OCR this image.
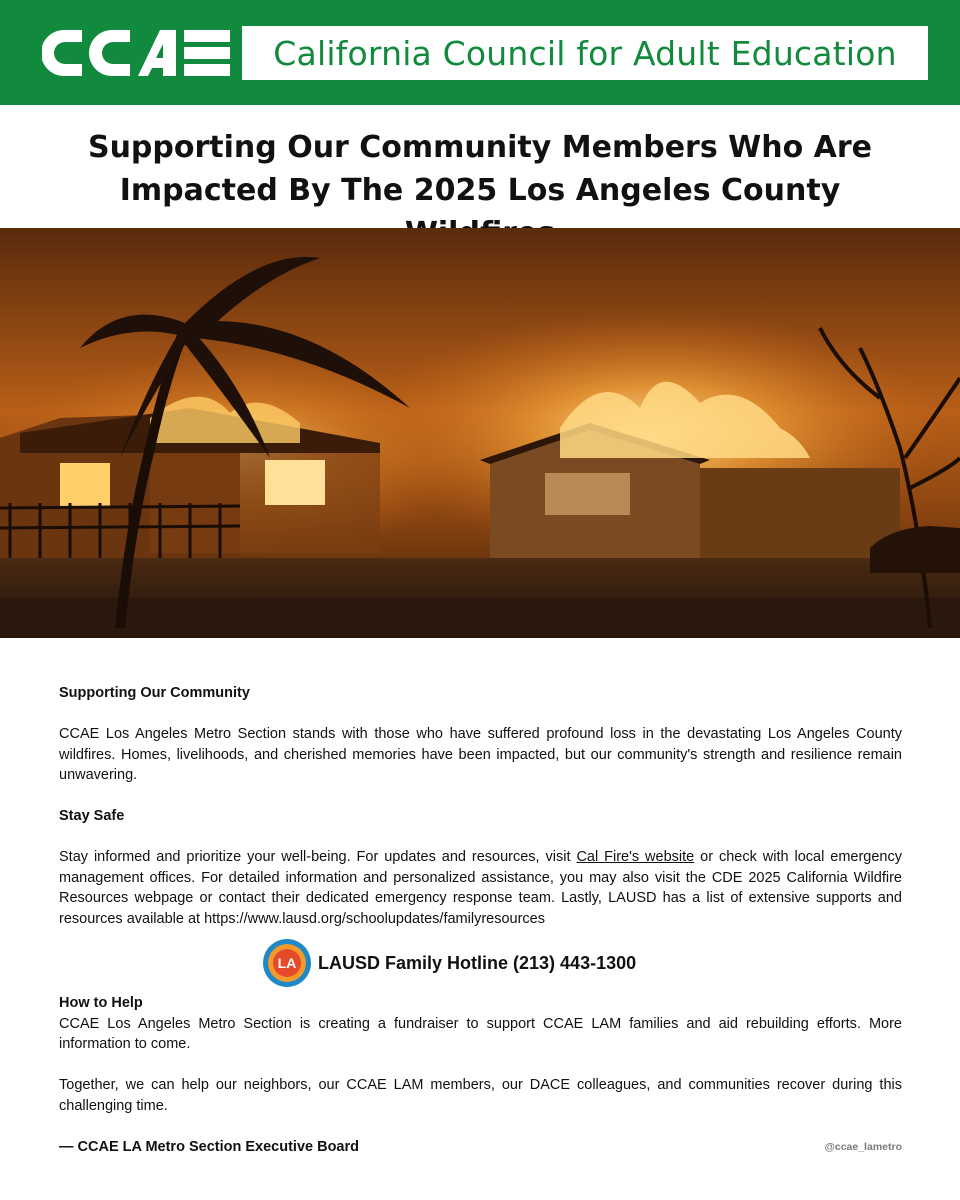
California Council for Adult Education
Supporting Our Community Members Who Are
Impacted By The 2025 Los Angeles County

Supporting Our Community

CCAE Los Angeles Metro Section stands with those who have suffered profound loss in the devastating Los Angeles County wildfires. Homes, livelihoods, and cherished memories have been impacted, but our community's strength and resilience remain unwavering.

Stay Safe

Stay informed and prioritize your well-being. For updates and resources, visit Cal Fire's website or check with local emergency management offices. For detailed information and personalized assistance, you may also visit the CDE 2025 California Wildfire Resources webpage or contact their dedicated emergency response team. Lastly, LAUSD has a list of extensive supports and resources available at https://www.lausd.org/schoolupdates/familyresources

LA LAUSD Family Hotline (213) 443-1300

How to Help

CCAE Los Angeles Metro Section is creating a fundraiser to support CCAE LAM families and aid rebuilding efforts. More information to come.

Together, we can help our neighbors, our CCAE LAM members, our DACE colleagues, and communities recover during this challenging time.

— CCAE LA Metro Section Executive Board	@ccae_lametro
